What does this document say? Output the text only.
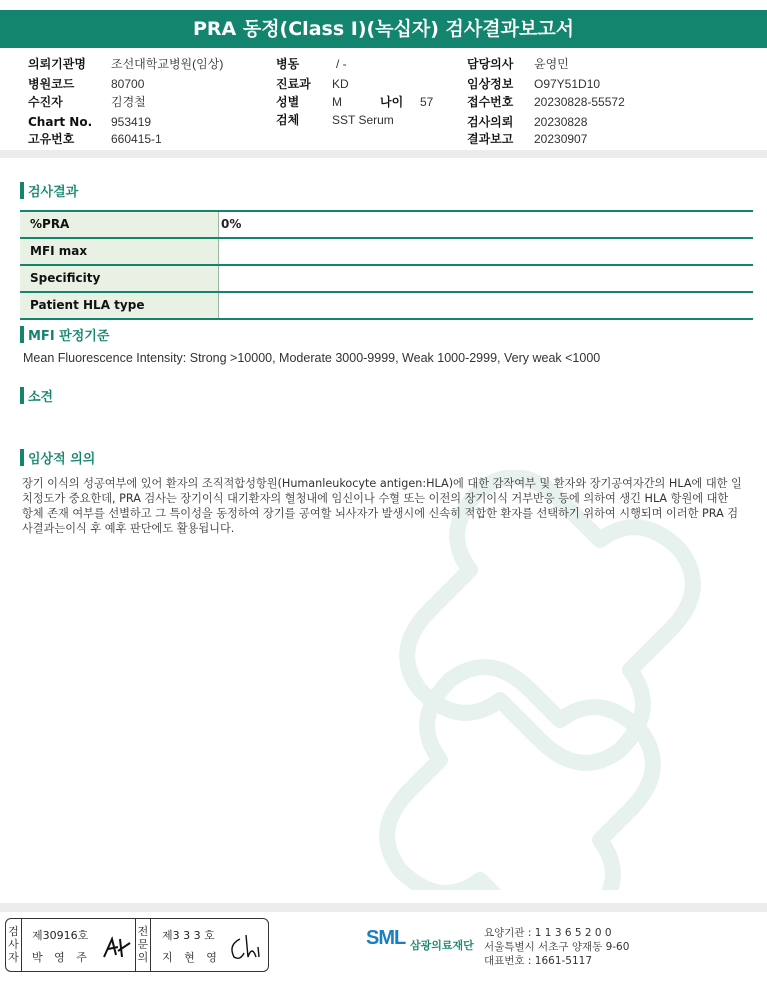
PRA 동정(Class I)(녹십자) 검사결과보고서
의뢰기관명 조선대학교병원(임상)	병동	/ -	담당의사 윤영민
병원코드	80700	진료과 KD	임상정보 O97Y51D10
수진자	김경철	성별	M	나이 57	접수번호 20230828-55572
Chart No. 953419	검체	SST Serum	검사의뢰 20230828
고유번호	660415-1	결과보고 20230907
검사결과
%PRA	0%
MFI max
Specificity
Patient HLA type
MFI 판정기준
Mean Fluorescence Intensity: Strong >10000, Moderate 3000-9999, Weak 1000-2999, Very weak <1000
소견
임상적 의의
장기 이식의 성공여부에 있어 환자의 조직적합성항원(Humanleukocyte antigen:HLA)에 대한 감작여부 및 환자와 장기공여자간의 HLA에 대한 일치정도가 중요한데, PRA 검사는 장기이식 대기환자의 혈청내에 임신이나 수혈 또는 이전의 장기이식 거부반응 등에 의하여 생긴 HLA 항원에 대한 항체 존재 여부를 선별하고 그 특이성을 동정하여 장기를 공여할 뇌사자가 발생시에 신속히 적합한 환자를 선택하기 위하여 시행되며 이러한 PRA 검사결과는이식 후 예후 판단에도 활용됩니다.
검
사
자
제30916호
박 영 주
전
문
의
제3 3 3 호
지 현 영
SML 삼광의료재단
요양기관 : 1 1 3 6 5 2 0 0
서울특별시 서초구 양재동 9-60
대표번호 : 1661-5117
